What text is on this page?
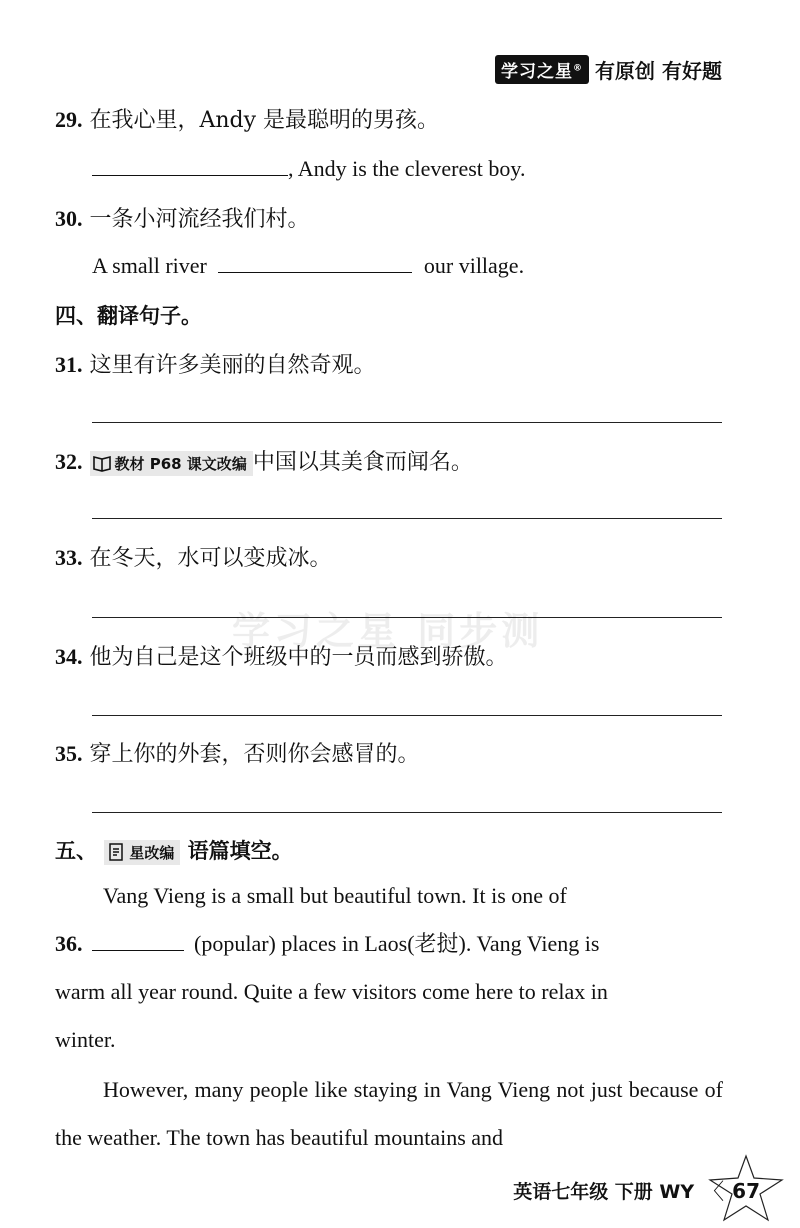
学习之星® 有原创 有好题
29. 在我心里，Andy 是最聪明的男孩。
, Andy is the cleverest boy.
30. 一条小河流经我们村。
A small river	our village.
四、翻译句子。
31. 这里有许多美丽的自然奇观。
32. 教材 P68 课文改编 中国以其美食而闻名。
33. 在冬天，水可以变成冰。
学习之星 同步测
34. 他为自己是这个班级中的一员而感到骄傲。
35. 穿上你的外套，否则你会感冒的。
五、 星改编 语篇填空。
Vang Vieng is a small but beautiful town. It is one of
36.	(popular) places in Laos(老挝). Vang Vieng is
warm all year round. Quite a few visitors come here to relax in
winter.
However, many people like staying in Vang Vieng not just because of the weather. The town has beautiful mountains and
英语七年级 下册 WY 〈 67
